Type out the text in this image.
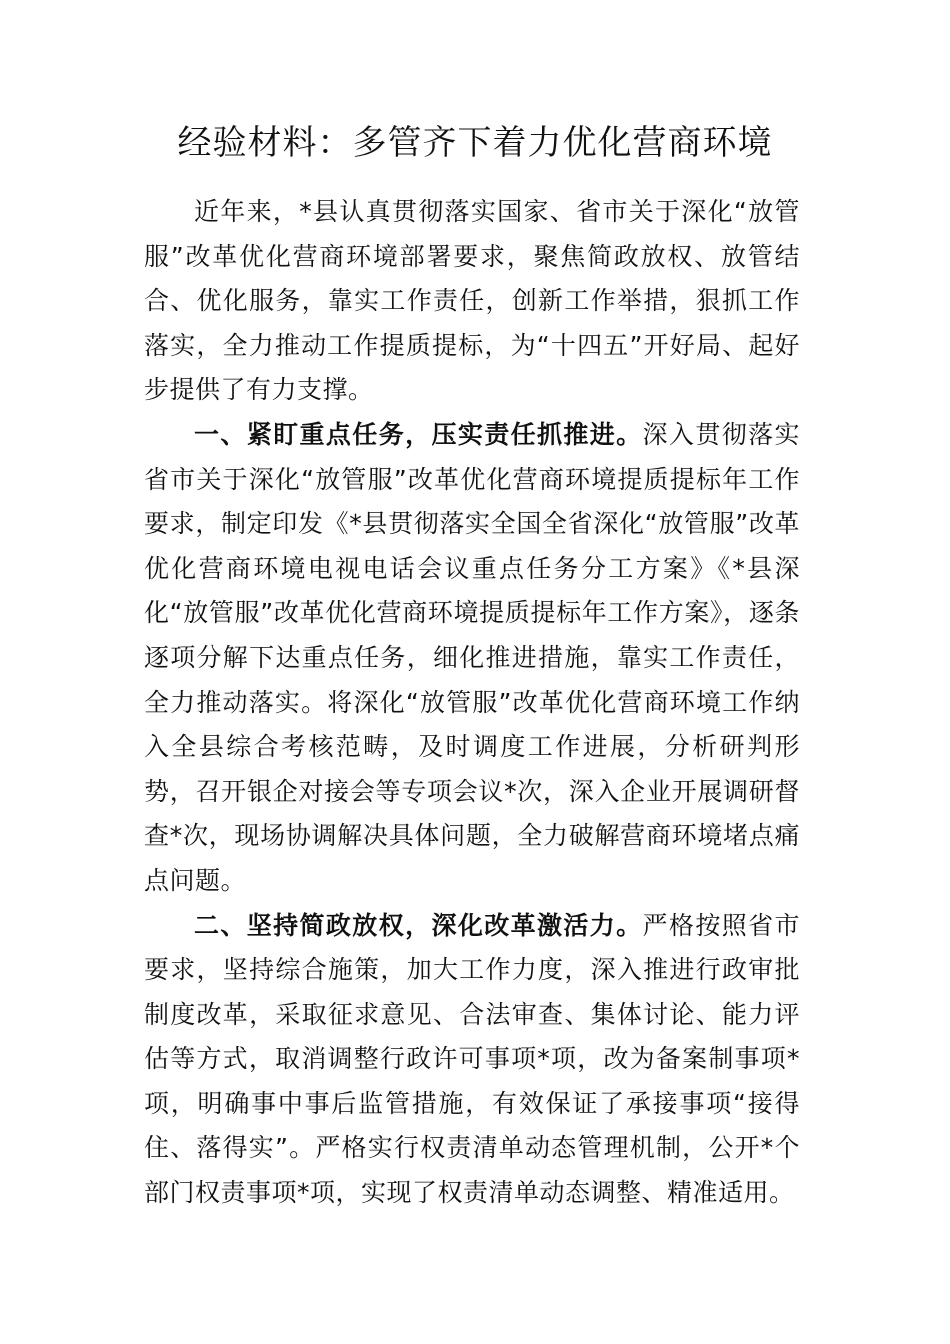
经验材料：多管齐下着力优化营商环境

近年来，*县认真贯彻落实国家、省市关于深化“放管服”改革优化营商环境部署要求，聚焦简政放权、放管结合、优化服务，靠实工作责任，创新工作举措，狠抓工作落实，全力推动工作提质提标，为“十四五”开好局、起好步提供了有力支撑。

一、紧盯重点任务，压实责任抓推进。深入贯彻落实省市关于深化“放管服”改革优化营商环境提质提标年工作要求，制定印发《*县贯彻落实全国全省深化“放管服”改革优化营商环境电视电话会议重点任务分工方案》《*县深化“放管服”改革优化营商环境提质提标年工作方案》，逐条逐项分解下达重点任务，细化推进措施，靠实工作责任，全力推动落实。将深化“放管服”改革优化营商环境工作纳入全县综合考核范畴，及时调度工作进展，分析研判形势，召开银企对接会等专项会议*次，深入企业开展调研督查*次，现场协调解决具体问题，全力破解营商环境堵点痛点问题。

二、坚持简政放权，深化改革激活力。严格按照省市要求，坚持综合施策，加大工作力度，深入推进行政审批制度改革，采取征求意见、合法审查、集体讨论、能力评估等方式，取消调整行政许可事项*项，改为备案制事项*项，明确事中事后监管措施，有效保证了承接事项“接得住、落得实”。严格实行权责清单动态管理机制，公开*个部门权责事项*项，实现了权责清单动态调整、精准适用。
